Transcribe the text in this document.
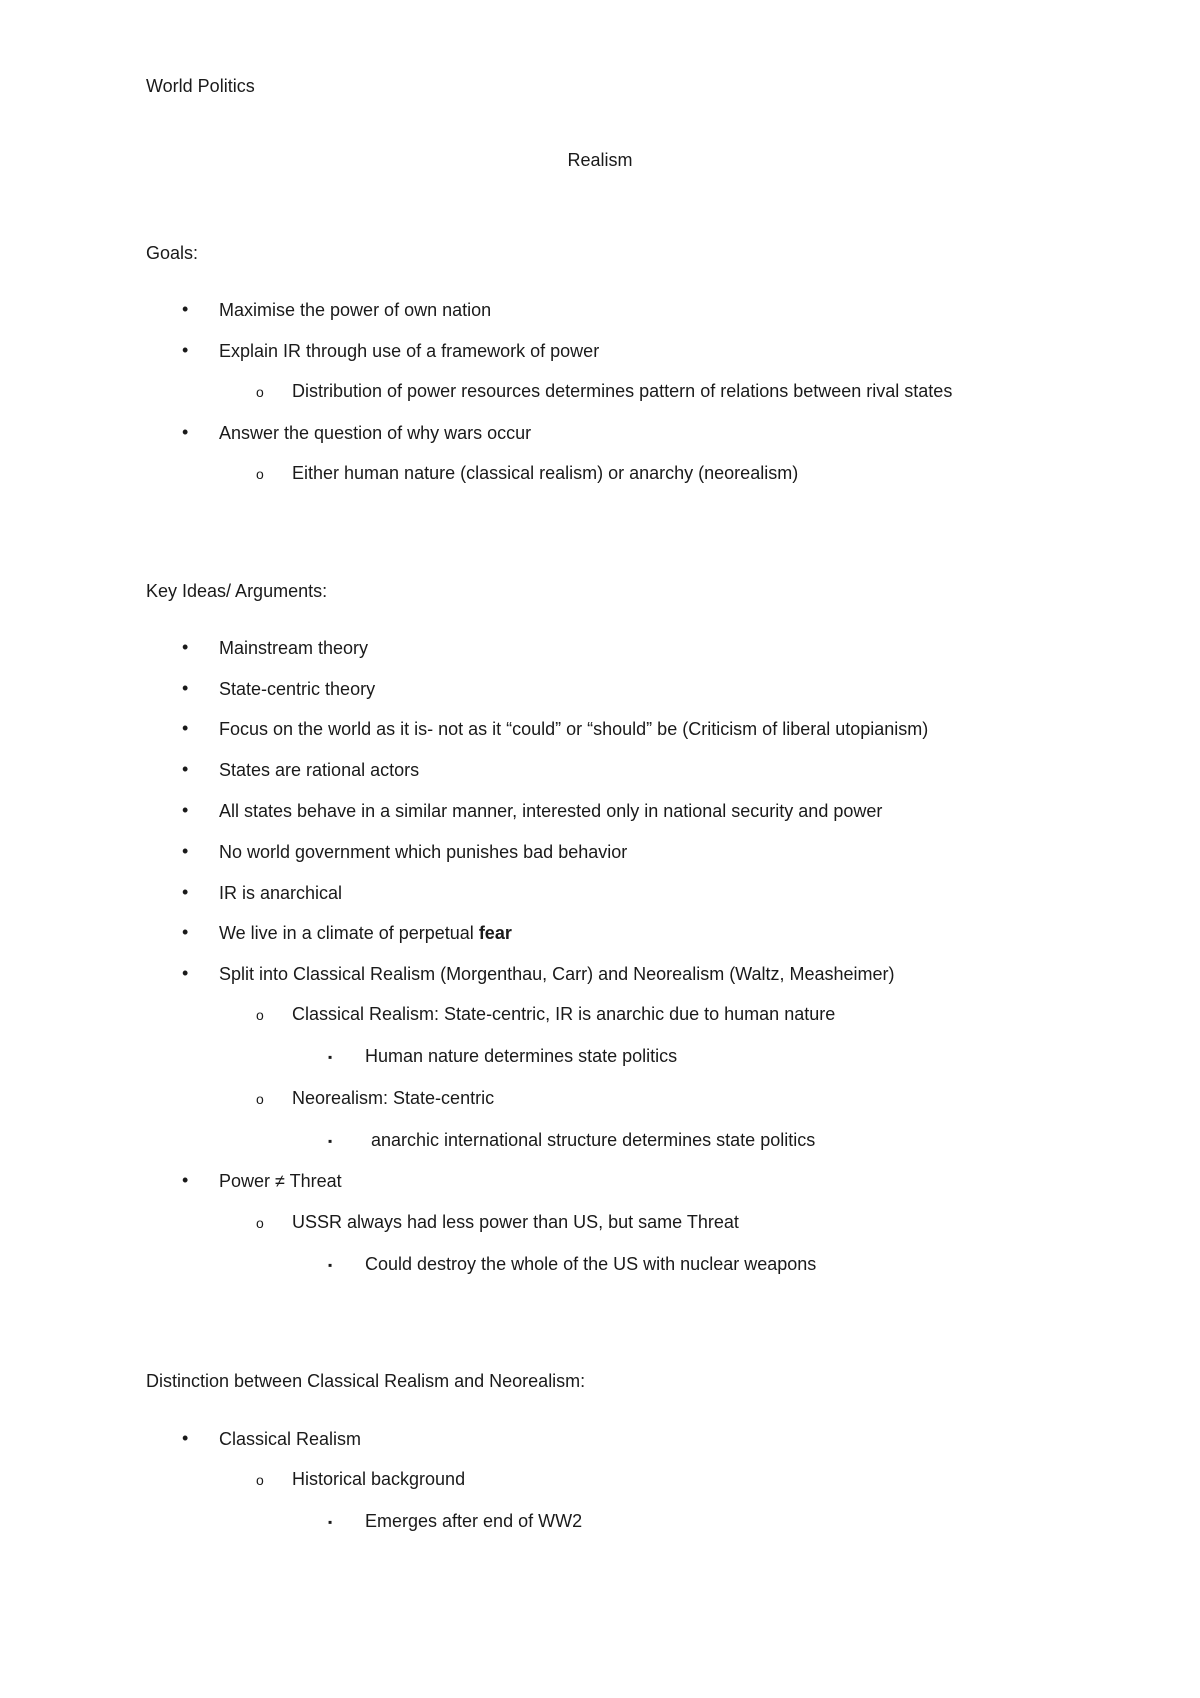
World Politics
Realism
Goals:
• Maximise the power of own nation
• Explain IR through use of a framework of power
o Distribution of power resources determines pattern of relations between rival states
• Answer the question of why wars occur
o Either human nature (classical realism) or anarchy (neorealism)
Key Ideas/ Arguments:
• Mainstream theory
• State-centric theory
• Focus on the world as it is- not as it “could” or “should” be (Criticism of liberal utopianism)
• States are rational actors
• All states behave in a similar manner, interested only in national security and power
• No world government which punishes bad behavior
• IR is anarchical
• We live in a climate of perpetual fear
• Split into Classical Realism (Morgenthau, Carr) and Neorealism (Waltz, Measheimer)
o Classical Realism: State-centric, IR is anarchic due to human nature
▪ Human nature determines state politics
o Neorealism: State-centric
▪ anarchic international structure determines state politics
• Power ≠ Threat
o USSR always had less power than US, but same Threat
▪ Could destroy the whole of the US with nuclear weapons
Distinction between Classical Realism and Neorealism:
• Classical Realism
o Historical background
▪ Emerges after end of WW2
